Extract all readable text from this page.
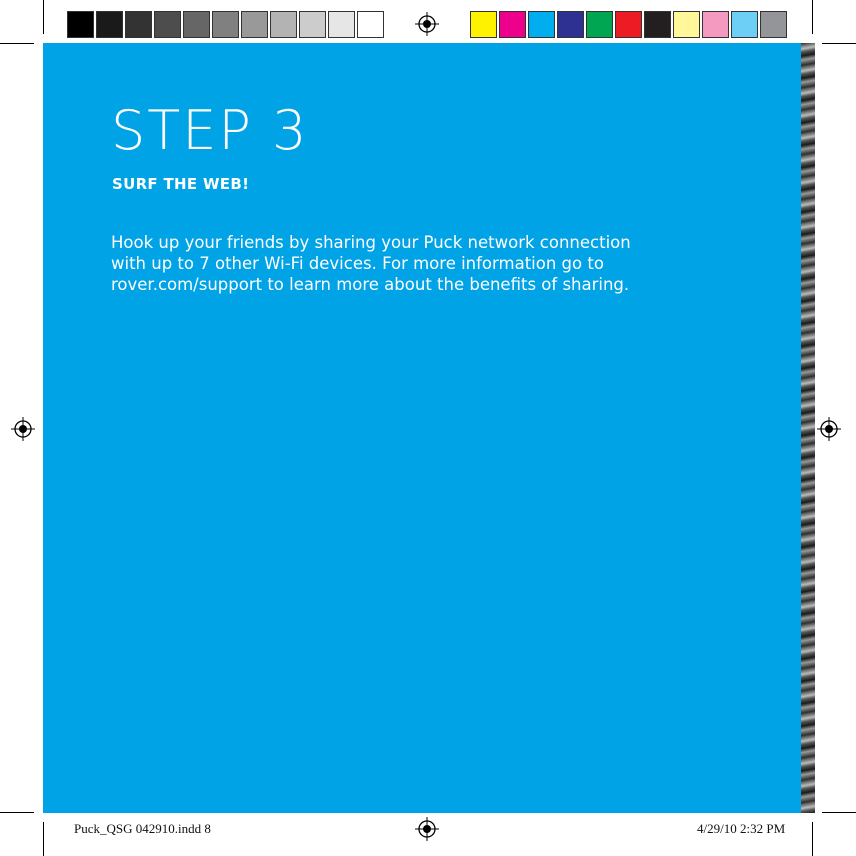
STEP 3
SURF THE WEB!

Hook up your friends by sharing your Puck network connection
with up to 7 other Wi-Fi devices. For more information go to
rover.com/support to learn more about the benefits of sharing.

Puck_QSG 042910.indd 8	4/29/10 2:32 PM
